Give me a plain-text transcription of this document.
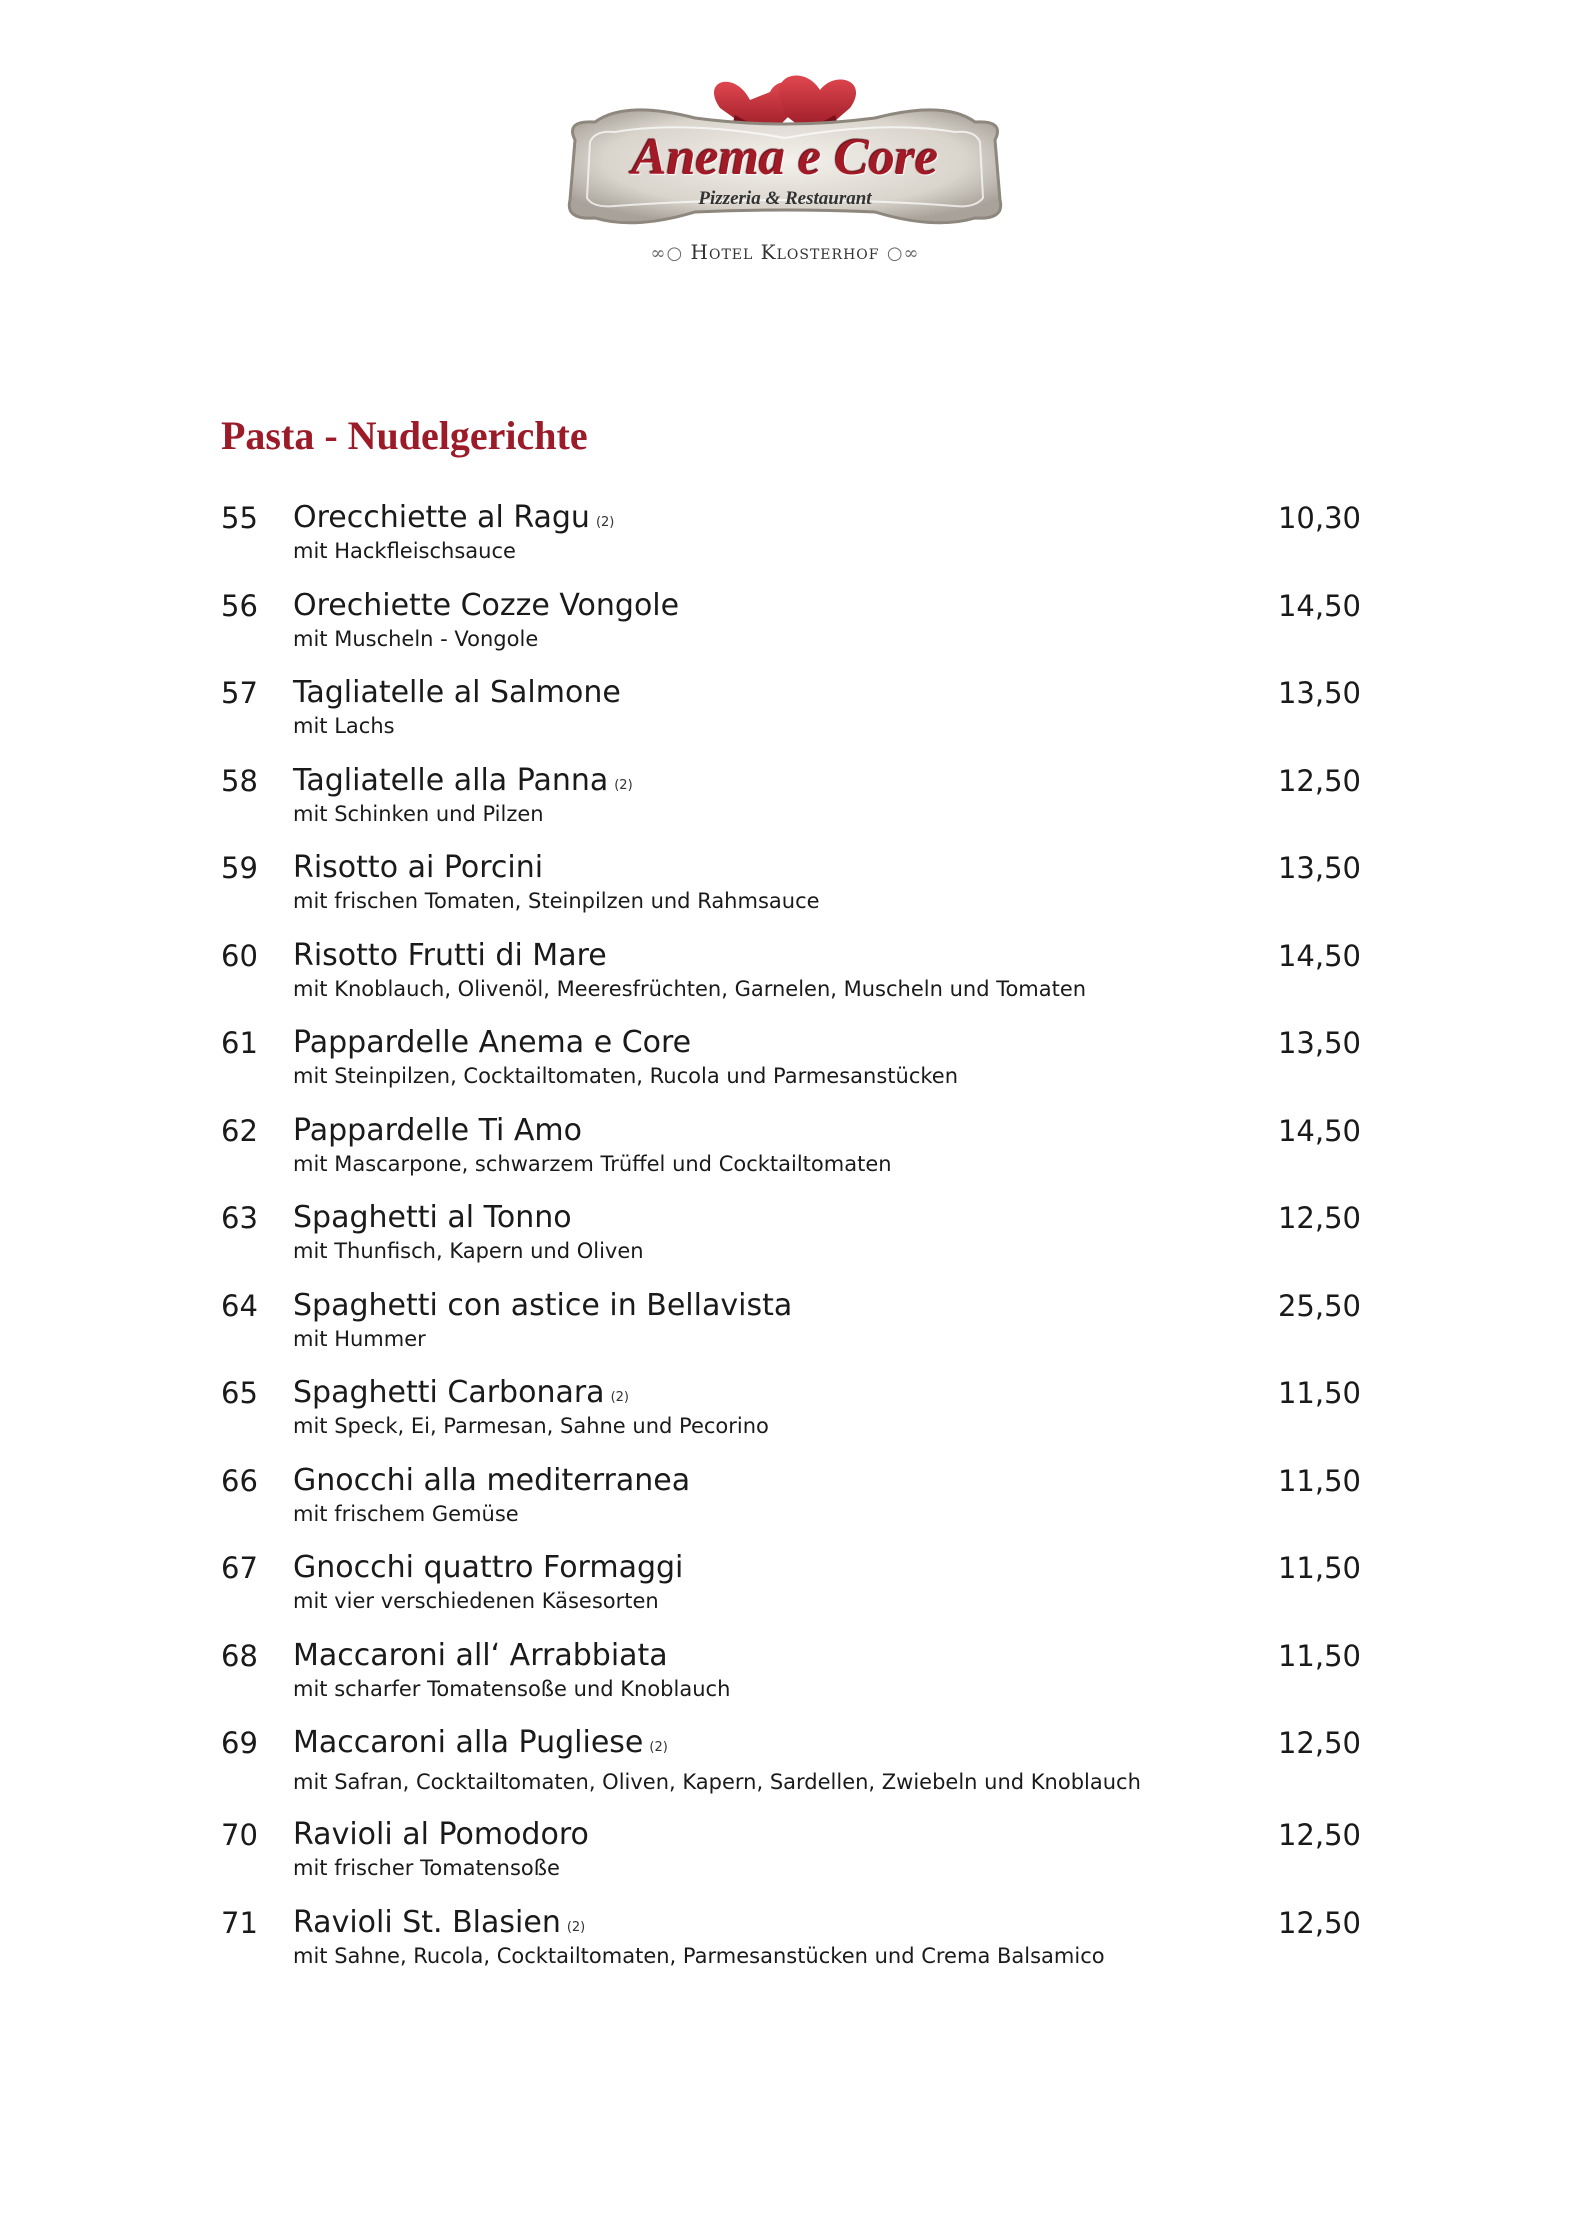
Anema e Core
Pizzeria & Restaurant
∞○ Hotel Klosterhof ○∞
Pasta - Nudelgerichte
55 Orecchiette al Ragu (2)
mit Hackfleischsauce
10,30
56 Orechiette Cozze Vongole
mit Muscheln - Vongole
14,50
57 Tagliatelle al Salmone
mit Lachs
13,50
58 Tagliatelle alla Panna (2)
mit Schinken und Pilzen
12,50
59 Risotto ai Porcini
mit frischen Tomaten, Steinpilzen und Rahmsauce
13,50
60 Risotto Frutti di Mare
mit Knoblauch, Olivenöl, Meeresfrüchten, Garnelen, Muscheln und Tomaten
14,50
61 Pappardelle Anema e Core
mit Steinpilzen, Cocktailtomaten, Rucola und Parmesanstücken
13,50
62 Pappardelle Ti Amo
mit Mascarpone, schwarzem Trüffel und Cocktailtomaten
14,50
63 Spaghetti al Tonno
mit Thunfisch, Kapern und Oliven
12,50
64 Spaghetti con astice in Bellavista
mit Hummer
25,50
65 Spaghetti Carbonara (2)
mit Speck, Ei, Parmesan, Sahne und Pecorino
11,50
66 Gnocchi alla mediterranea
mit frischem Gemüse
11,50
67 Gnocchi quattro Formaggi
mit vier verschiedenen Käsesorten
11,50
68 Maccaroni all‘ Arrabbiata
mit scharfer Tomatensoße und Knoblauch
11,50
69 Maccaroni alla Pugliese (2)
mit Safran, Cocktailtomaten, Oliven, Kapern, Sardellen, Zwiebeln und Knoblauch
12,50
70 Ravioli al Pomodoro
mit frischer Tomatensoße
12,50
71 Ravioli St. Blasien (2)
mit Sahne, Rucola, Cocktailtomaten, Parmesanstücken und Crema Balsamico
12,50
